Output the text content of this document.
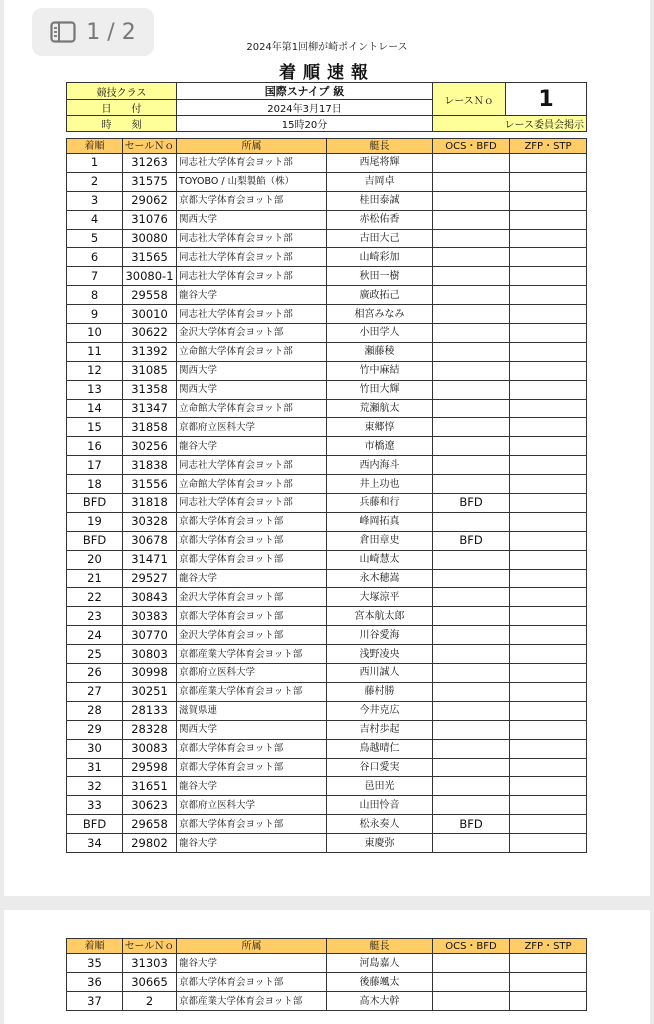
1 / 2
2024年第1回柳が崎ポイントレース
着順速報
競技クラス	国際スナイプ 級	レースＮｏ	1
日　　付	2024年3月17日		
時　　刻	15時20分	レース委員会掲示	
着順	セールＮｏ	所属	艇長	OCS・BFD	ZFP・STP
1	31263	同志社大学体育会ヨット部	西尾将輝		
2	31575	TOYOBO / 山梨製餡（株）	吉岡卓		
3	29062	京都大学体育会ヨット部	桂田泰誠		
4	31076	関西大学	赤松佑香		
5	30080	同志社大学体育会ヨット部	古田大己		
6	31565	同志社大学体育会ヨット部	山崎彩加		
7	30080-1	同志社大学体育会ヨット部	秋田一樹		
8	29558	龍谷大学	廣政拓己		
9	30010	同志社大学体育会ヨット部	相宮みなみ		
10	30622	金沢大学体育会ヨット部	小田学人		
11	31392	立命館大学体育会ヨット部	瀬藤稜		
12	31085	関西大学	竹中麻結		
13	31358	関西大学	竹田大輝		
14	31347	立命館大学体育会ヨット部	荒瀬航太		
15	31858	京都府立医科大学	東郷惇		
16	30256	龍谷大学	市橋遼		
17	31838	同志社大学体育会ヨット部	西内海斗		
18	31556	立命館大学体育会ヨット部	井上功也		
BFD	31818	同志社大学体育会ヨット部	兵藤和行	BFD	
19	30328	京都大学体育会ヨット部	峰岡拓真		
BFD	30678	京都大学体育会ヨット部	倉田章史	BFD	
20	31471	京都大学体育会ヨット部	山崎慧太		
21	29527	龍谷大学	永木穂嵩		
22	30843	金沢大学体育会ヨット部	大塚涼平		
23	30383	京都大学体育会ヨット部	宮本航太郎		
24	30770	金沢大学体育会ヨット部	川谷愛海		
25	30803	京都産業大学体育会ヨット部	浅野凌央		
26	30998	京都府立医科大学	西川誠人		
27	30251	京都産業大学体育会ヨット部	藤村勝		
28	28133	滋賀県連	今井克広		
29	28328	関西大学	吉村歩起		
30	30083	京都大学体育会ヨット部	鳥越晴仁		
31	29598	京都大学体育会ヨット部	谷口愛実		
32	31651	龍谷大学	邑田光		
33	30623	京都府立医科大学	山田怜音		
BFD	29658	京都大学体育会ヨット部	松永奏人	BFD	
34	29802	龍谷大学	東慶弥		
着順	セールＮｏ	所属	艇長	OCS・BFD	ZFP・STP
35	31303	龍谷大学	河島嘉人		
36	30665	京都大学体育会ヨット部	後藤颯太		
37	2	京都産業大学体育会ヨット部	高木大幹		
